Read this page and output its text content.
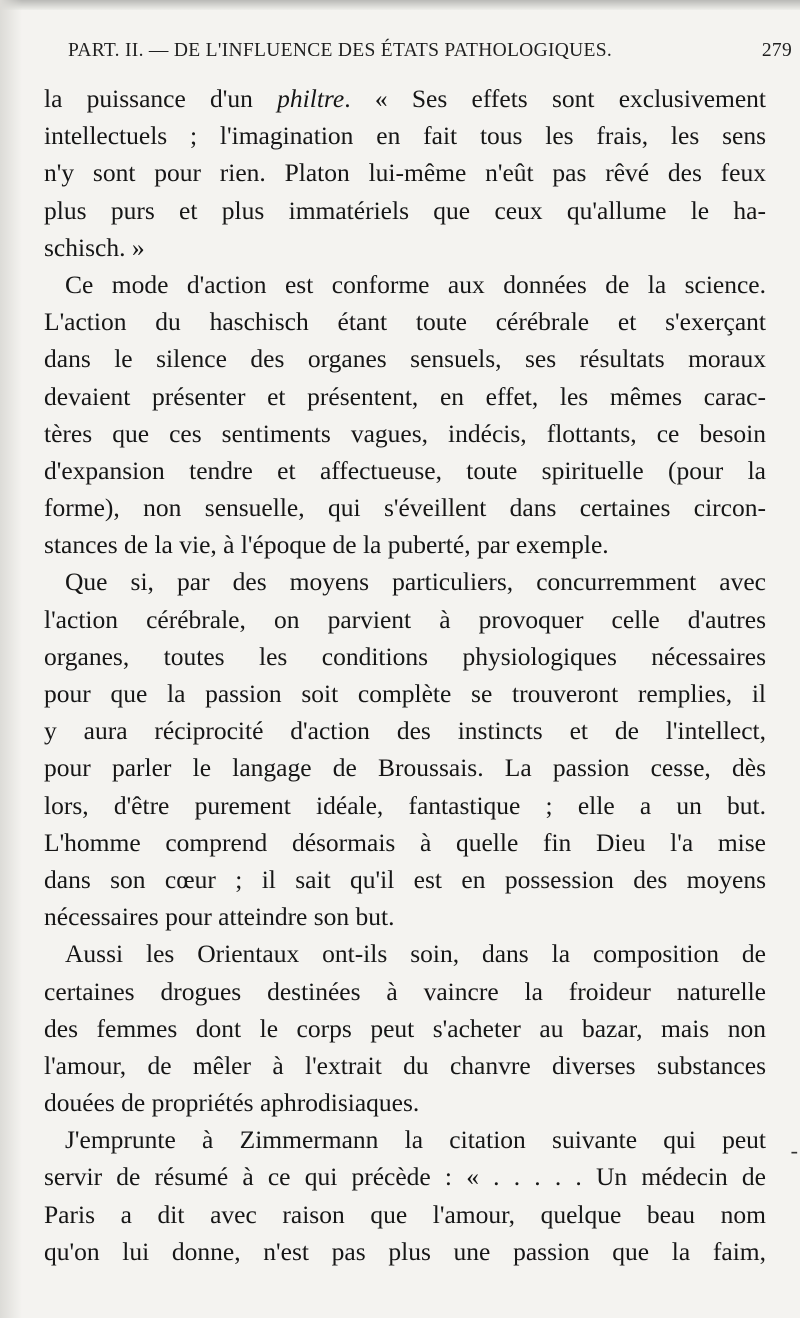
PART. II. — DE L'INFLUENCE DES ÉTATS PATHOLOGIQUES.	279
la puissance d'un philtre. « Ses effets sont exclusivement
intellectuels ; l'imagination en fait tous les frais, les sens
n'y sont pour rien. Platon lui-même n'eût pas rêvé des feux
plus purs et plus immatériels que ceux qu'allume le ha-
schisch. »
Ce mode d'action est conforme aux données de la science.
L'action du haschisch étant toute cérébrale et s'exerçant
dans le silence des organes sensuels, ses résultats moraux
devaient présenter et présentent, en effet, les mêmes carac-
tères que ces sentiments vagues, indécis, flottants, ce besoin
d'expansion tendre et affectueuse, toute spirituelle (pour la
forme), non sensuelle, qui s'éveillent dans certaines circon-
stances de la vie, à l'époque de la puberté, par exemple.
Que si, par des moyens particuliers, concurremment avec
l'action cérébrale, on parvient à provoquer celle d'autres
organes, toutes les conditions physiologiques nécessaires
pour que la passion soit complète se trouveront remplies, il
y aura réciprocité d'action des instincts et de l'intellect,
pour parler le langage de Broussais. La passion cesse, dès
lors, d'être purement idéale, fantastique ; elle a un but.
L'homme comprend désormais à quelle fin Dieu l'a mise
dans son cœur ; il sait qu'il est en possession des moyens
nécessaires pour atteindre son but.
Aussi les Orientaux ont-ils soin, dans la composition de
certaines drogues destinées à vaincre la froideur naturelle
des femmes dont le corps peut s'acheter au bazar, mais non
l'amour, de mêler à l'extrait du chanvre diverses substances
douées de propriétés aphrodisiaques.
J'emprunte à Zimmermann la citation suivante qui peut
servir de résumé à ce qui précède : « . . . . . Un médecin de
Paris a dit avec raison que l'amour, quelque beau nom
qu'on lui donne, n'est pas plus une passion que la faim,
-
